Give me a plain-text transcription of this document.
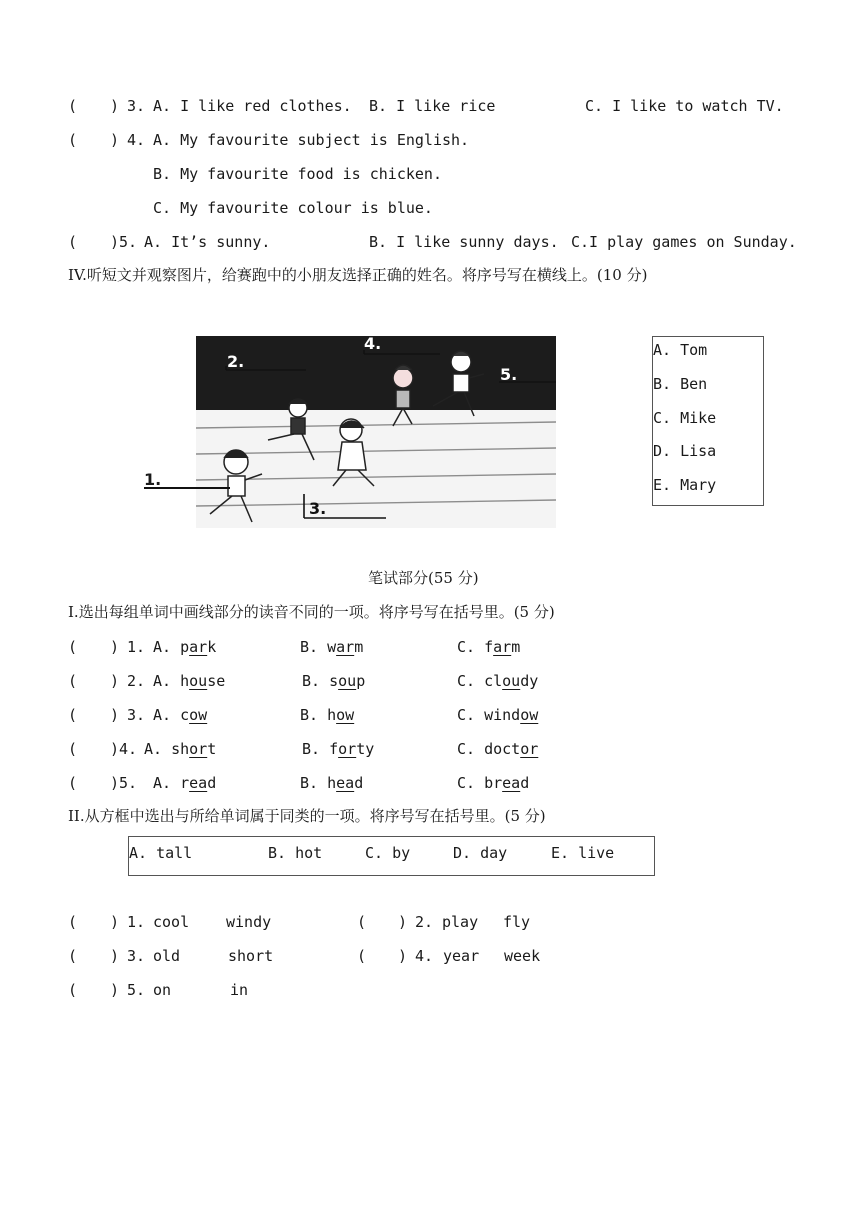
( ) 3. A. I like red clothes. B. I like rice	C. I like to watch TV.
( ) 4. A. My favourite subject is English.
B. My favourite food is chicken.
C. My favourite colour is blue.
( )5. A. It’s sunny.	B. I like sunny days. C.I play games on Sunday.
IV.听短文并观察图片，给赛跑中的小朋友选择正确的姓名。将序号写在横线上。(10 分)
2.
4.
5.
3.
1.
A. Tom
B. Ben
C. Mike
D. Lisa
E. Mary
笔试部分(55 分)
I.选出每组单词中画线部分的读音不同的一项。将序号写在括号里。(5 分)
( ) 1. A. park	B. warm	C. farm
( ) 2. A. house	B. soup	C. cloudy
( ) 3. A. cow	B. how	C. window
( )4. A. short	B. forty	C. doctor
( )5. A. read	B. head	C. bread
II.从方框中选出与所给单词属于同类的一项。将序号写在括号里。(5 分)
A. tall	B. hot	C. by	D. day	E. live
( ) 1. cool windy	( ) 2. play fly
( ) 3. old	short	( ) 4. year week
( ) 5. on	in
